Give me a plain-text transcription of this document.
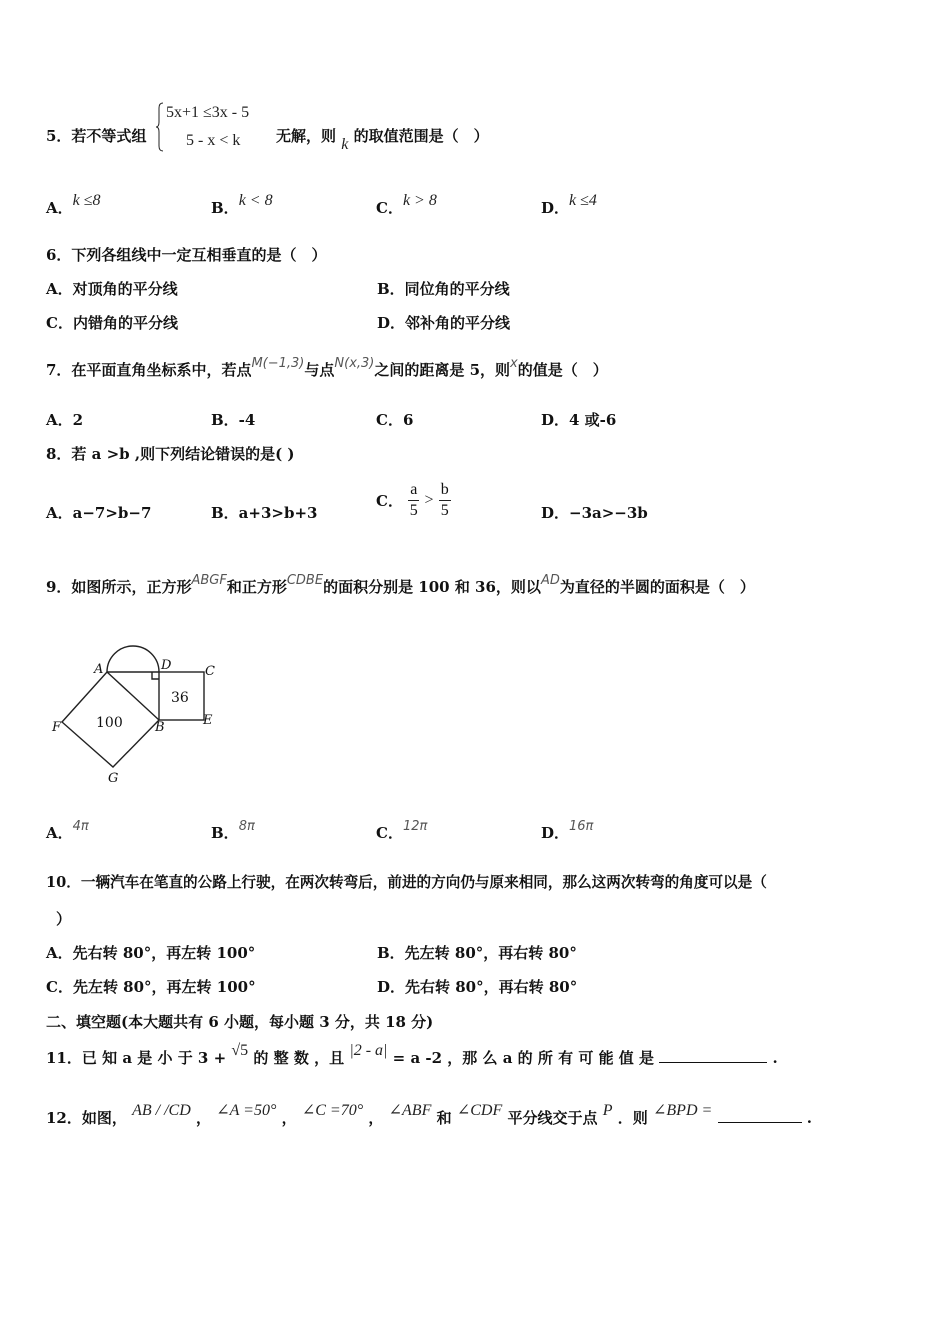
5．若不等式组
5x+1 ≤3x - 5
5 - x < k 无解，则 k 的取值范围是（　）
A．k ≤8	B．k < 8	C．k > 8	D．k ≤4
6．下列各组线中一定互相垂直的是（　）
A．对顶角的平分线	B．同位角的平分线
C．内错角的平分线	D．邻补角的平分线
7．在平面直角坐标系中，若点M(−1,3)与点N(x,3)之间的距离是 5，则x的值是（　）
A．2	B．-4	C．6	D．4 或-6
8．若 a >b ,则下列结论错误的是( )
A．a−7>b−7	B．a+3>b+3
C． $\frac{a}{5} > \frac{b}{5}$	D．−3a>−3b
9．如图所示，正方形ABGF和正方形CDBE的面积分别是 100 和 36，则以AD为直径的半圆的面积是（　）
A	D	C
F	B	E
G
100
36
A．4π	B．8π	C．12π	D．16π
10．一辆汽车在笔直的公路上行驶，在两次转弯后，前进的方向仍与原来相同，那么这两次转弯的角度可以是（
）
A．先右转 80°，再左转 100°	B．先左转 80°，再右转 80°
C．先左转 80°，再左转 100°	D．先右转 80°，再右转 80°
二、填空题(本大题共有 6 小题，每小题 3 分，共 18 分)
11．已 知 a 是 小 于 3 + √5 的 整 数 ，且 |2 - a| = a -2 ，那 么 a 的 所 有 可 能 值 是	.
12．如图， AB / /CD ， ∠A =50° ， ∠C =70° ， ∠ABF 和 ∠CDF 平分线交于点 P ．则 ∠BPD =	.
